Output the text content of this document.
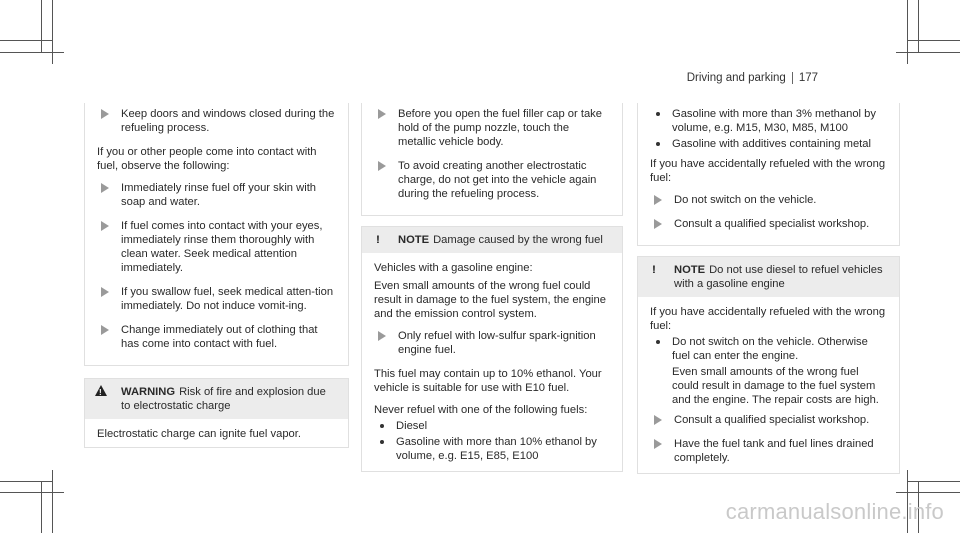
Driving and parking 177
Keep doors and windows closed during the refueling process.

If you or other people come into contact with fuel, observe the following:

Immediately rinse fuel off your skin with soap and water.
If fuel comes into contact with your eyes, immediately rinse them thoroughly with clean water. Seek medical attention immediately.
If you swallow fuel, seek medical atten-tion immediately. Do not induce vomit-ing.
Change immediately out of clothing that has come into contact with fuel.
!
WARNING Risk of fire and explosion due to electrostatic charge

Electrostatic charge can ignite fuel vapor.

Before you open the fuel filler cap or take hold of the pump nozzle, touch the metallic vehicle body.
To avoid creating another electrostatic charge, do not get into the vehicle again during the refueling process.
!	NOTE Damage caused by the wrong fuel

Vehicles with a gasoline engine:

Even small amounts of the wrong fuel could result in damage to the fuel system, the engine and the emission control system.

Only refuel with low-sulfur spark-ignition engine fuel.

This fuel may contain up to 10% ethanol. Your vehicle is suitable for use with E10 fuel.

Never refuel with one of the following fuels:

Diesel
Gasoline with more than 10% ethanol by volume, e.g. E15, E85, E100
Gasoline with more than 3% methanol by volume, e.g. M15, M30, M85, M100
Gasoline with additives containing metal

If you have accidentally refueled with the wrong fuel:

Do not switch on the vehicle.
Consult a qualified specialist workshop.
!	NOTE Do not use diesel to refuel vehicles with a gasoline engine

If you have accidentally refueled with the wrong fuel:

Do not switch on the vehicle. Otherwise fuel can enter the engine.

Even small amounts of the wrong fuel could result in damage to the fuel system and the engine. The repair costs are high.

Consult a qualified specialist workshop.
Have the fuel tank and fuel lines drained completely.
carmanualsonline.info
